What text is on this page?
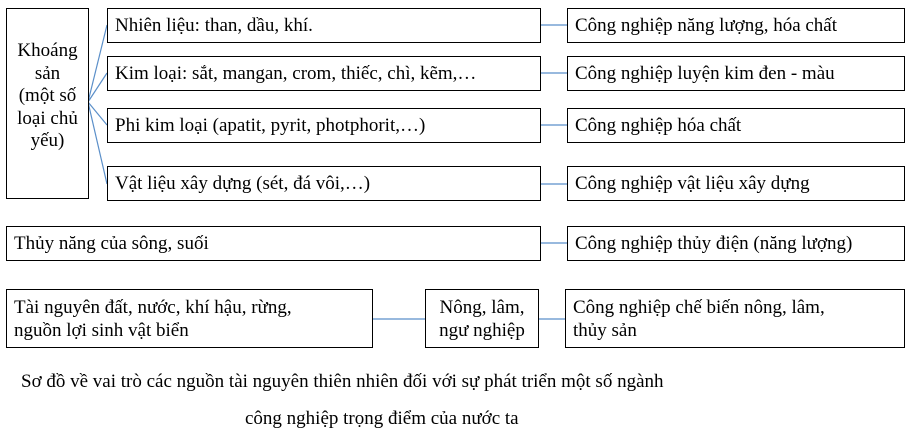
Khoáng
sản
(một số
loại chủ
yếu)
Nhiên liệu: than, dầu, khí.
Kim loại: sắt, mangan, crom, thiếc, chì, kẽm,…
Phi kim loại (apatit, pyrit, photphorit,…)
Vật liệu xây dựng (sét, đá vôi,…)
Công nghiệp năng lượng, hóa chất
Công nghiệp luyện kim đen - màu
Công nghiệp hóa chất
Công nghiệp vật liệu xây dựng
Thủy năng của sông, suối	Công nghiệp thủy điện (năng lượng)
Tài nguyên đất, nước, khí hậu, rừng,
nguồn lợi sinh vật biển
Nông, lâm,
ngư nghiệp
Công nghiệp chế biến nông, lâm,
thủy sản
Sơ đồ về vai trò các nguồn tài nguyên thiên nhiên đối với sự phát triển một số ngành
công nghiệp trọng điểm của nước ta
